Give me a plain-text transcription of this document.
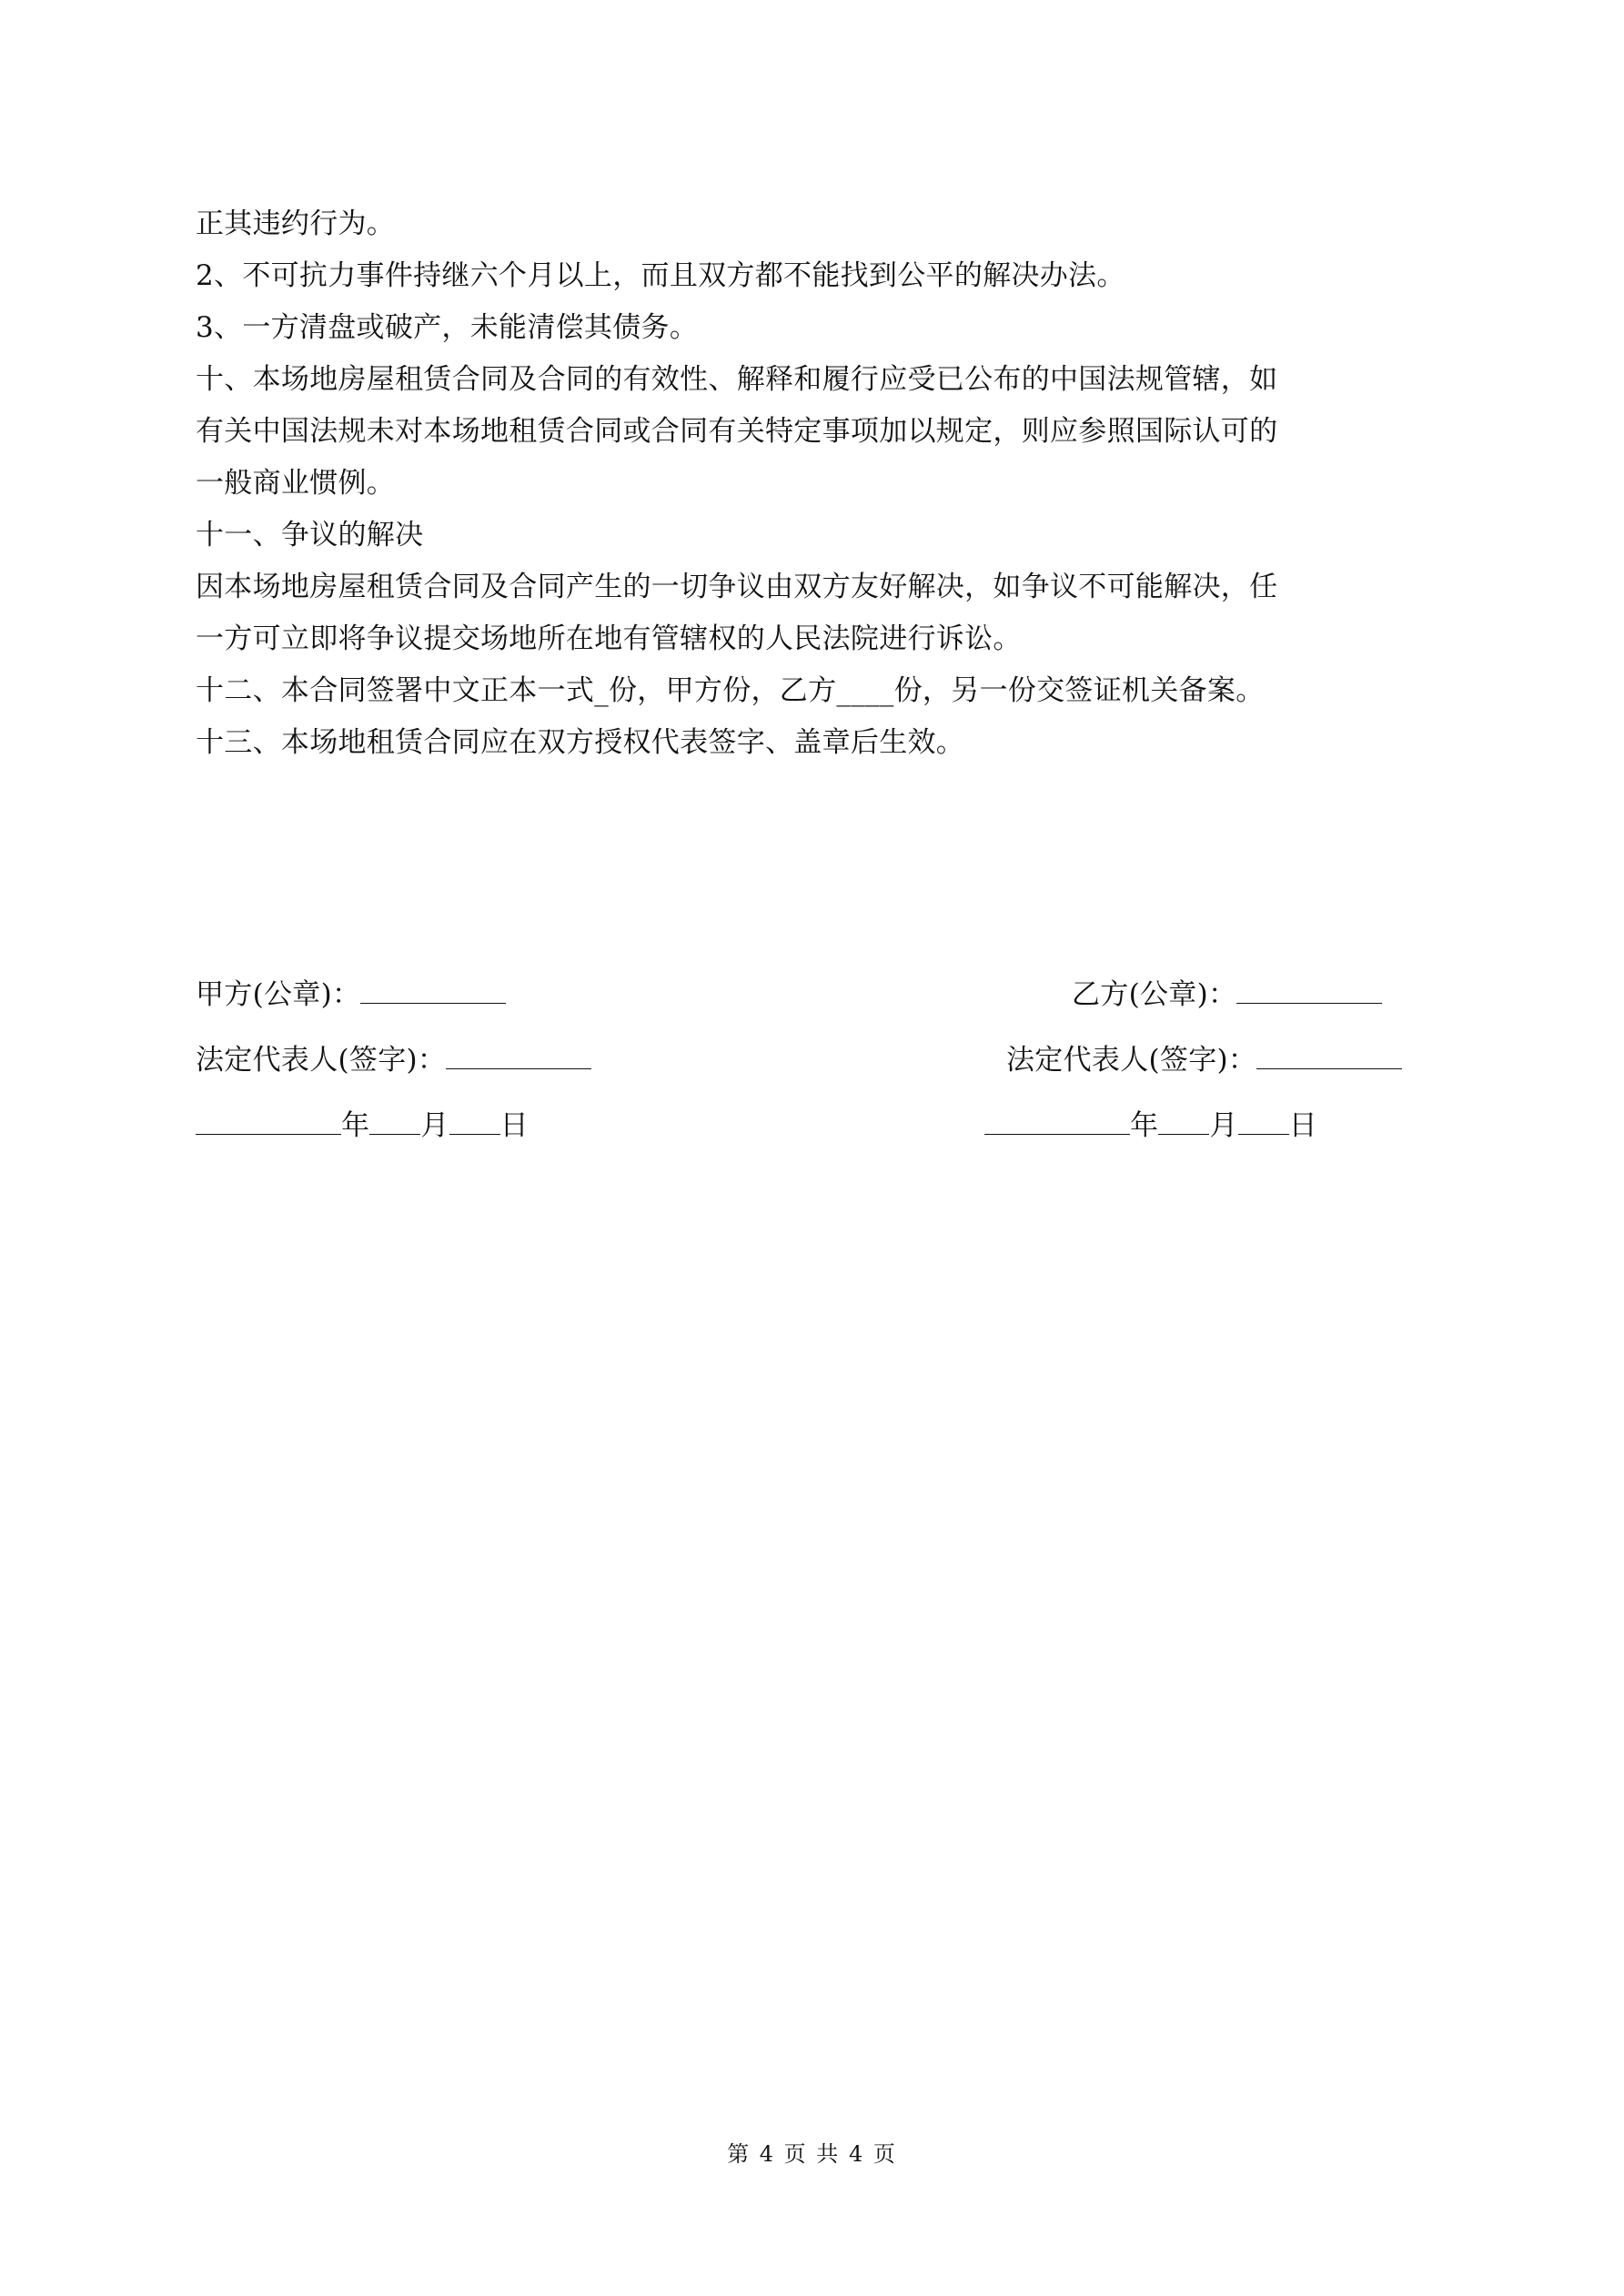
正其违约行为。
2、不可抗力事件持继六个月以上，而且双方都不能找到公平的解决办法。
3、一方清盘或破产，未能清偿其债务。
十、本场地房屋租赁合同及合同的有效性、解释和履行应受已公布的中国法规管辖，如
有关中国法规未对本场地租赁合同或合同有关特定事项加以规定，则应参照国际认可的
一般商业惯例。
十一、争议的解决
因本场地房屋租赁合同及合同产生的一切争议由双方友好解决，如争议不可能解决，任
一方可立即将争议提交场地所在地有管辖权的人民法院进行诉讼。
十二、本合同签署中文正本一式_份，甲方份，乙方____份，另一份交签证机关备案。
十三、本场地租赁合同应在双方授权代表签字、盖章后生效。
甲方(公章)：
法定代表人(签字)：
年 月 日
乙方(公章)：
法定代表人(签字)：
年 月 日
第 4 页 共 4 页
